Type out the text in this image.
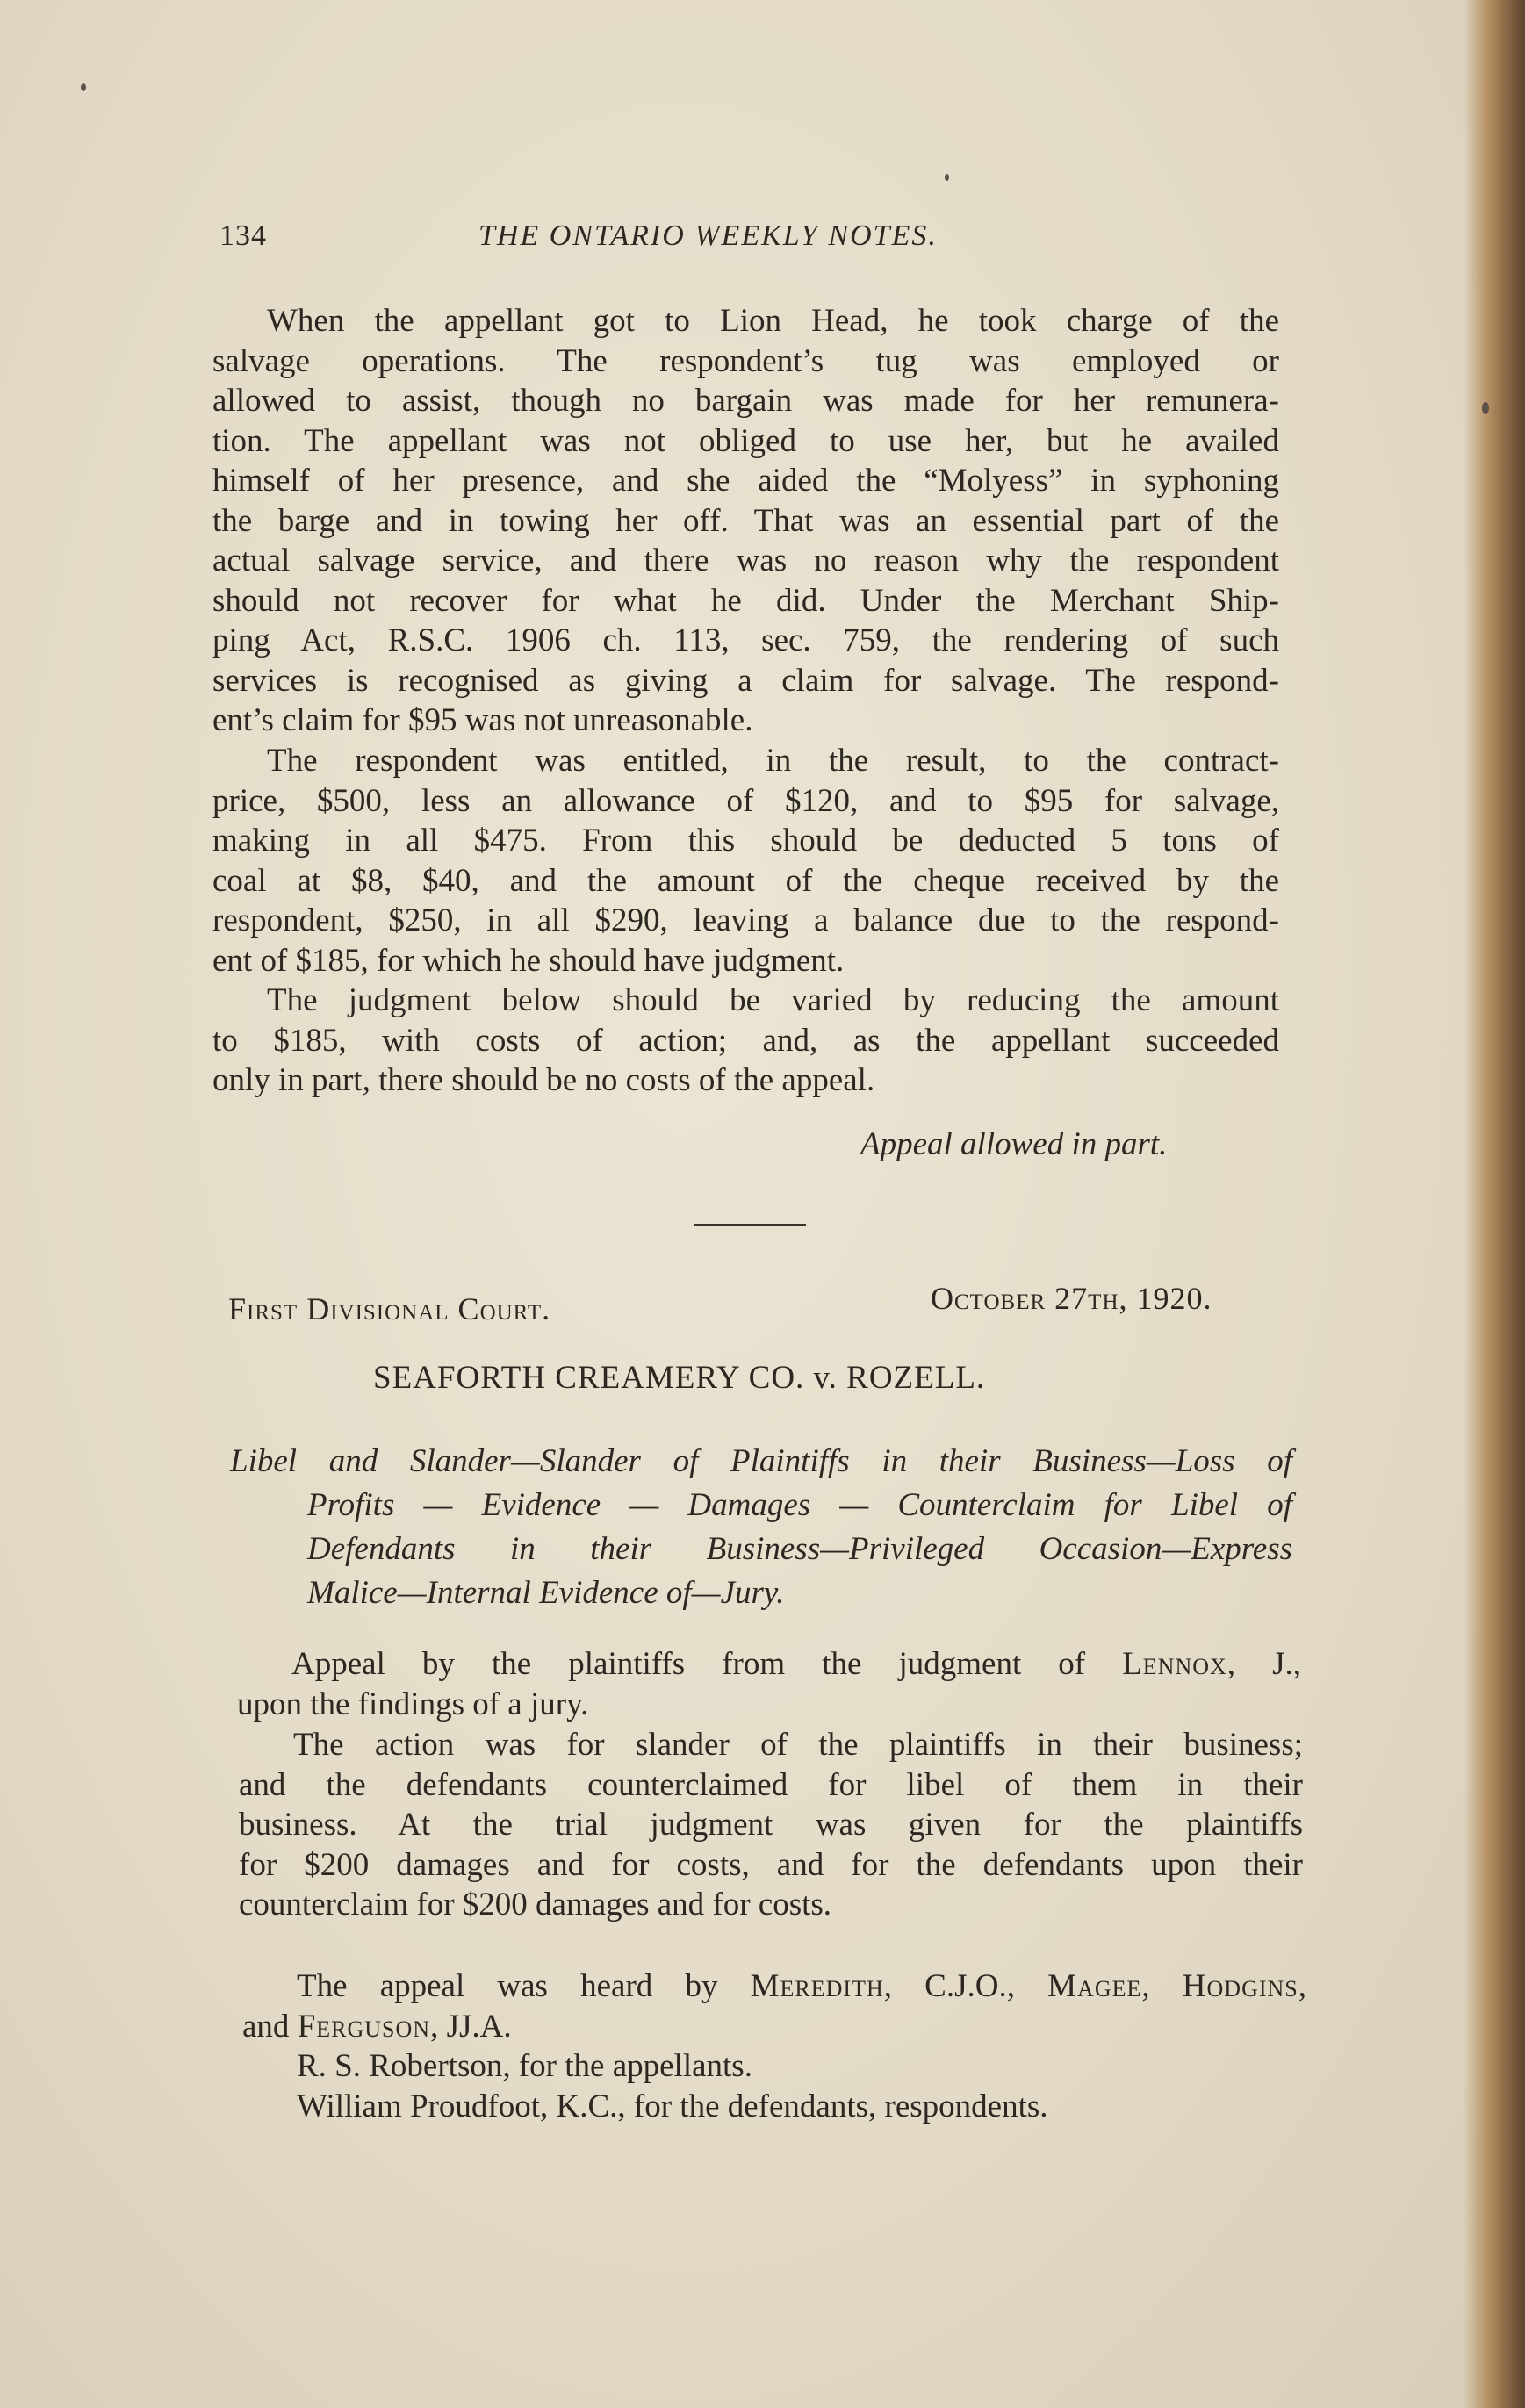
134	THE ONTARIO WEEKLY NOTES.
When the appellant got to Lion Head, he took charge of the
salvage operations. The respondent’s tug was employed or
allowed to assist, though no bargain was made for her remunera-
tion. The appellant was not obliged to use her, but he availed
himself of her presence, and she aided the “Molyess” in syphoning
the barge and in towing her off. That was an essential part of the
actual salvage service, and there was no reason why the respondent
should not recover for what he did. Under the Merchant Ship-
ping Act, R.S.C. 1906 ch. 113, sec. 759, the rendering of such
services is recognised as giving a claim for salvage. The respond-
ent’s claim for $95 was not unreasonable.
The respondent was entitled, in the result, to the contract-
price, $500, less an allowance of $120, and to $95 for salvage,
making in all $475. From this should be deducted 5 tons of
coal at $8, $40, and the amount of the cheque received by the
respondent, $250, in all $290, leaving a balance due to the respond-
ent of $185, for which he should have judgment.
The judgment below should be varied by reducing the amount
to $185, with costs of action; and, as the appellant succeeded
only in part, there should be no costs of the appeal.
Appeal allowed in part.
First Divisional Court.	October 27th, 1920.
SEAFORTH CREAMERY CO. v. ROZELL.
Libel and Slander—Slander of Plaintiffs in their Business—Loss of
Profits — Evidence — Damages — Counterclaim for Libel of
Defendants in their Business—Privileged Occasion—Express
Malice—Internal Evidence of—Jury.
Appeal by the plaintiffs from the judgment of Lennox, J.,
upon the findings of a jury.
The action was for slander of the plaintiffs in their business;
and the defendants counterclaimed for libel of them in their
business. At the trial judgment was given for the plaintiffs
for $200 damages and for costs, and for the defendants upon their
counterclaim for $200 damages and for costs.
The appeal was heard by Meredith, C.J.O., Magee, Hodgins,
and Ferguson, JJ.A.
R. S. Robertson, for the appellants.
William Proudfoot, K.C., for the defendants, respondents.
